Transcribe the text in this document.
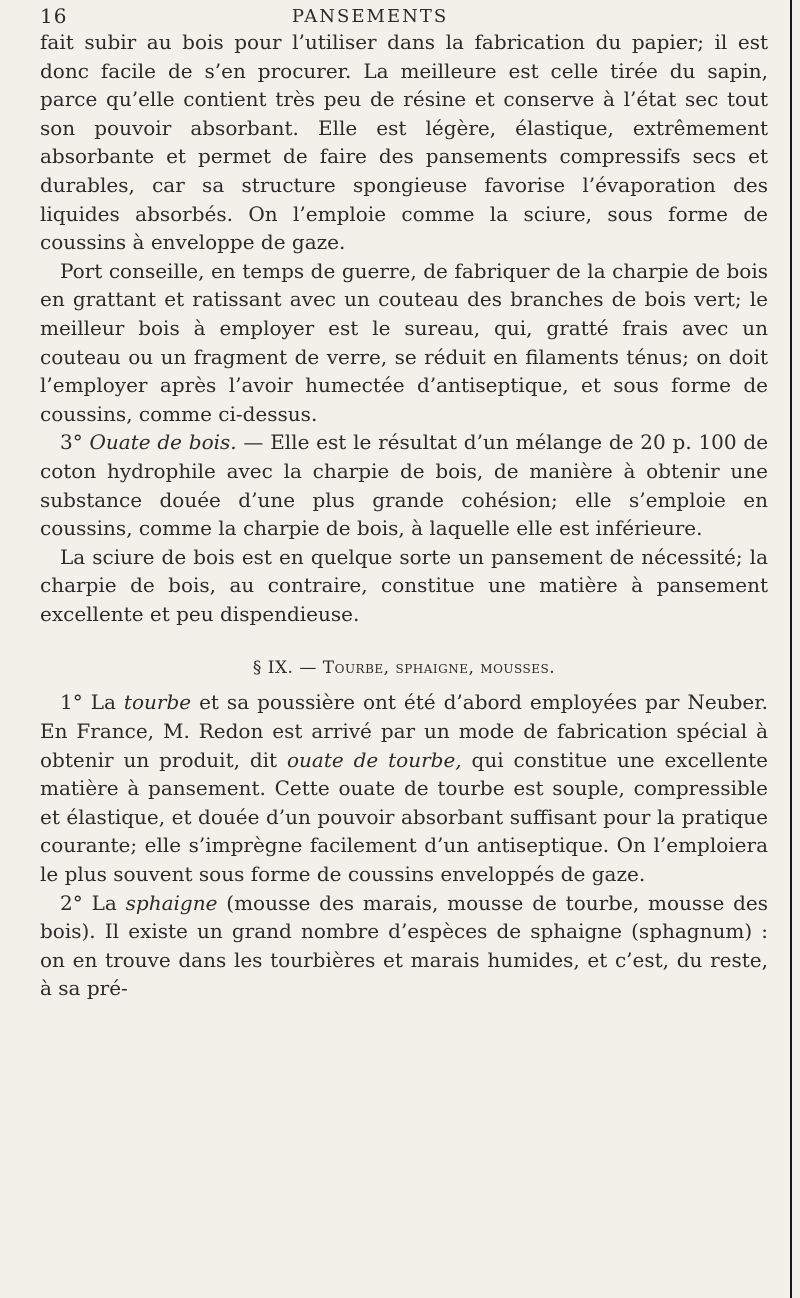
16	PANSEMENTS

fait subir au bois pour l’utiliser dans la fabrication du papier; il est donc facile de s’en procurer. La meilleure est celle tirée du sapin, parce qu’elle contient très peu de résine et conserve à l’état sec tout son pouvoir absorbant. Elle est légère, élastique, extrêmement absorbante et permet de faire des pansements compressifs secs et durables, car sa structure spongieuse favorise l’évaporation des liquides absorbés. On l’emploie comme la sciure, sous forme de coussins à enveloppe de gaze.

Port conseille, en temps de guerre, de fabriquer de la charpie de bois en grattant et ratissant avec un couteau des branches de bois vert; le meilleur bois à employer est le sureau, qui, gratté frais avec un couteau ou un fragment de verre, se réduit en filaments ténus; on doit l’employer après l’avoir humectée d’antiseptique, et sous forme de coussins, comme ci-dessus.

3° Ouate de bois. — Elle est le résultat d’un mélange de 20 p. 100 de coton hydrophile avec la charpie de bois, de manière à obtenir une substance douée d’une plus grande cohésion; elle s’emploie en coussins, comme la charpie de bois, à laquelle elle est inférieure.

La sciure de bois est en quelque sorte un pansement de nécessité; la charpie de bois, au contraire, constitue une matière à pansement excellente et peu dispendieuse.

§ IX. — Tourbe, sphaigne, mousses.

1° La tourbe et sa poussière ont été d’abord employées par Neuber. En France, M. Redon est arrivé par un mode de fabrication spécial à obtenir un produit, dit ouate de tourbe, qui constitue une excellente matière à pansement. Cette ouate de tourbe est souple, compressible et élastique, et douée d’un pouvoir absorbant suffisant pour la pratique courante; elle s’imprègne facilement d’un antiseptique. On l’emploiera le plus souvent sous forme de coussins enveloppés de gaze.

2° La sphaigne (mousse des marais, mousse de tourbe, mousse des bois). Il existe un grand nombre d’espèces de sphaigne (sphagnum) : on en trouve dans les tourbières et marais humides, et c’est, du reste, à sa pré-
